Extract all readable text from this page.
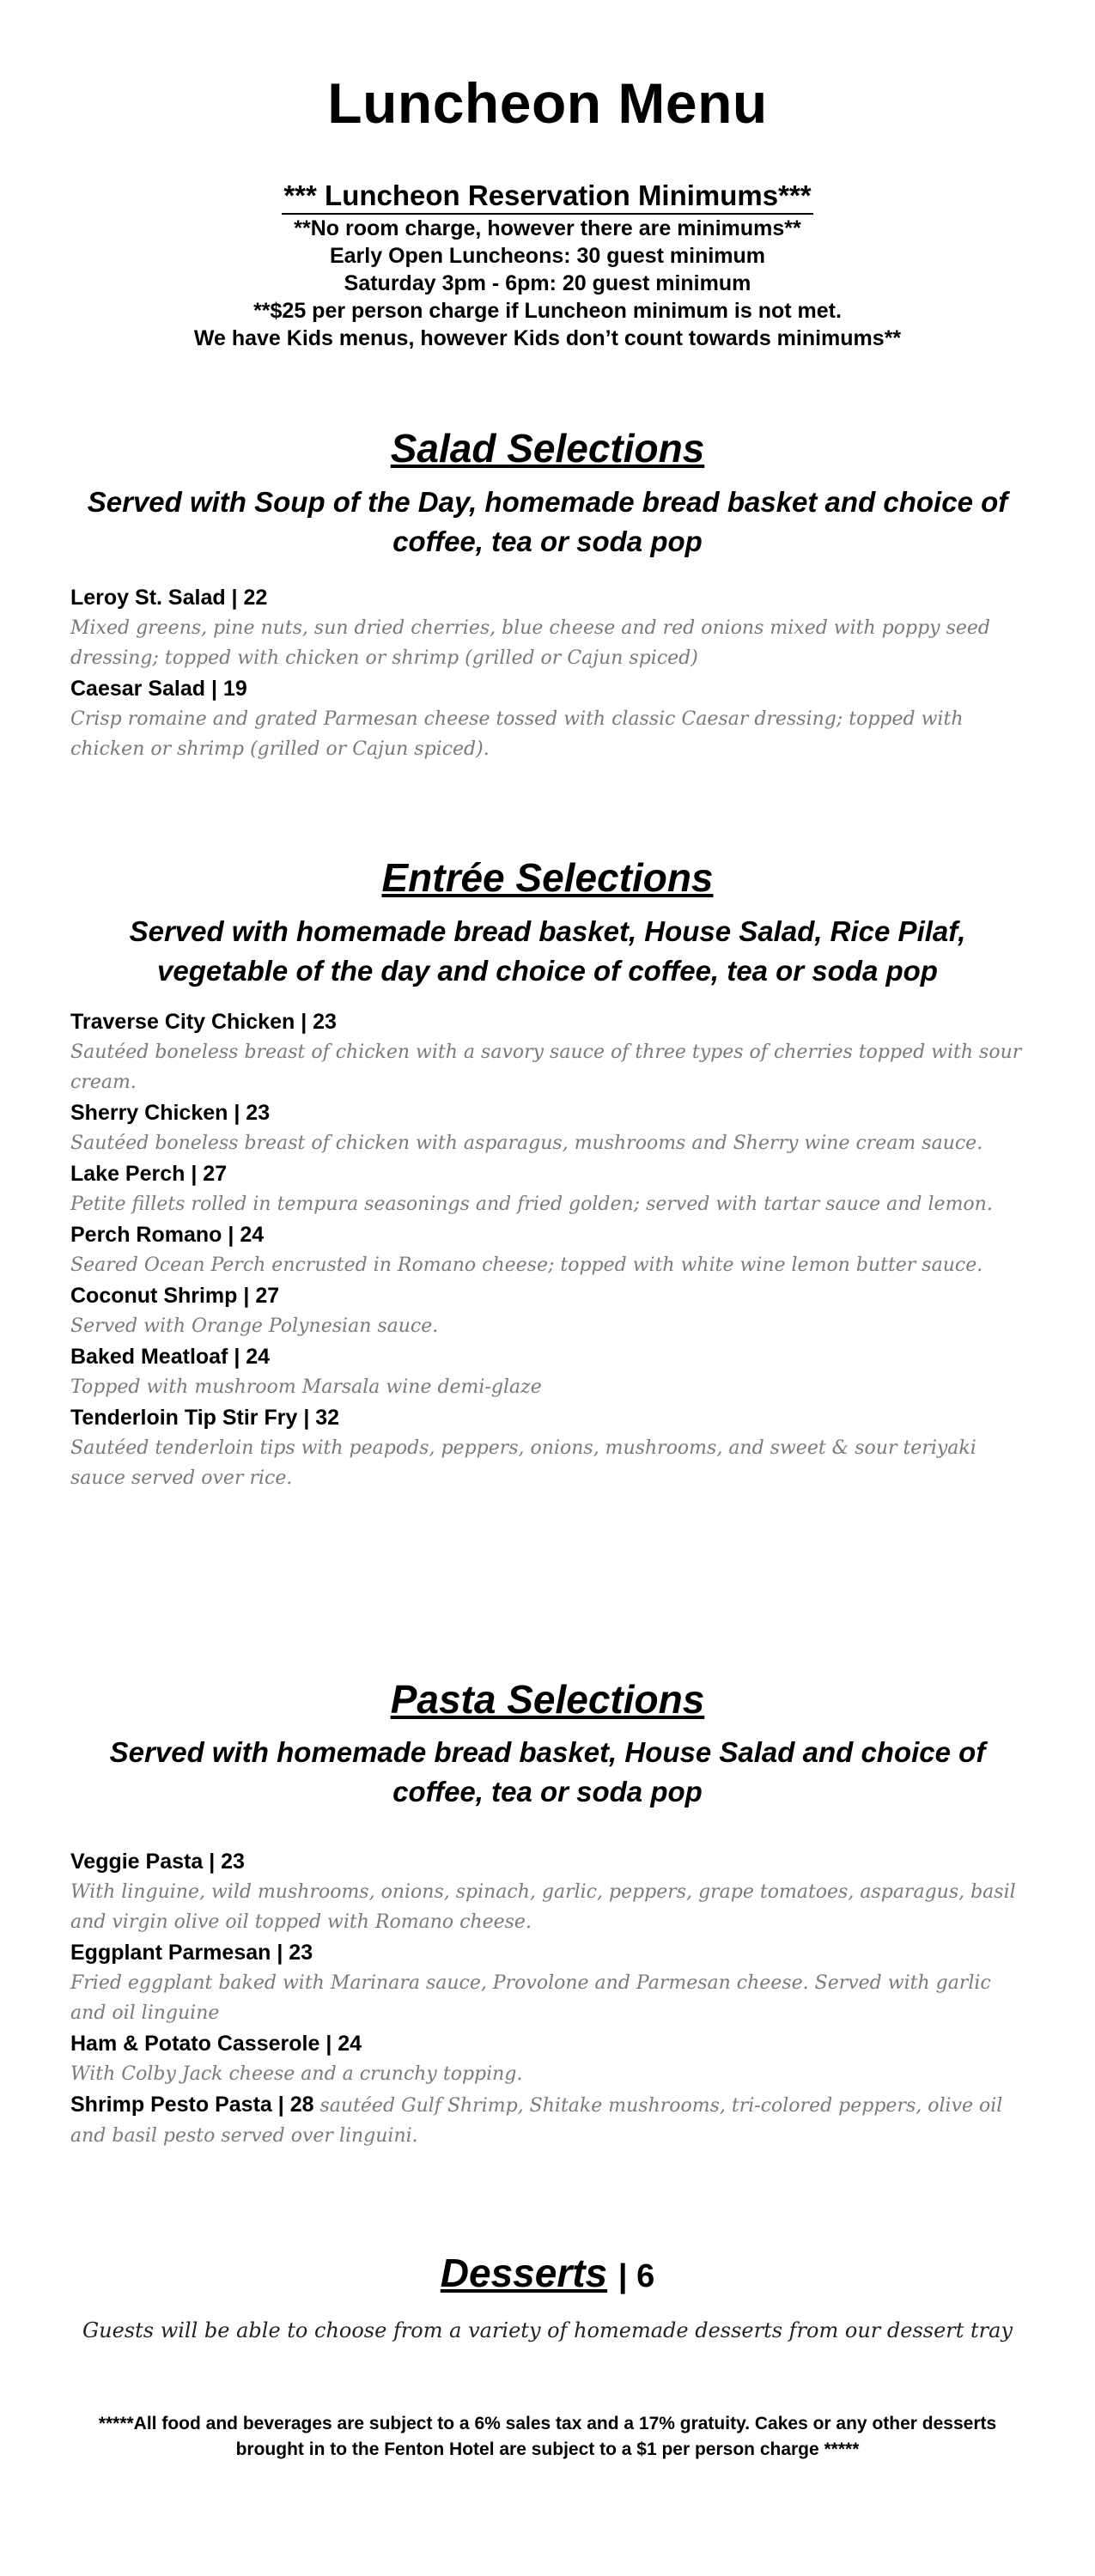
Luncheon Menu
*** Luncheon Reservation Minimums***
**No room charge, however there are minimums**
Early Open Luncheons: 30 guest minimum
Saturday 3pm - 6pm: 20 guest minimum
**$25 per person charge if Luncheon minimum is not met.
We have Kids menus, however Kids don’t count towards minimums**
Salad Selections
Served with Soup of the Day, homemade bread basket and choice of coffee, tea or soda pop
Leroy St. Salad | 22
Mixed greens, pine nuts, sun dried cherries, blue cheese and red onions mixed with poppy seed dressing; topped with chicken or shrimp (grilled or Cajun spiced)
Caesar Salad | 19
Crisp romaine and grated Parmesan cheese tossed with classic Caesar dressing; topped with chicken or shrimp (grilled or Cajun spiced).
Entrée Selections
Served with homemade bread basket, House Salad, Rice Pilaf, vegetable of the day and choice of coffee, tea or soda pop
Traverse City Chicken | 23
Sautéed boneless breast of chicken with a savory sauce of three types of cherries topped with sour cream.
Sherry Chicken | 23
Sautéed boneless breast of chicken with asparagus, mushrooms and Sherry wine cream sauce.
Lake Perch | 27
Petite fillets rolled in tempura seasonings and fried golden; served with tartar sauce and lemon.
Perch Romano | 24
Seared Ocean Perch encrusted in Romano cheese; topped with white wine lemon butter sauce.
Coconut Shrimp | 27
Served with Orange Polynesian sauce.
Baked Meatloaf | 24
Topped with mushroom Marsala wine demi-glaze
Tenderloin Tip Stir Fry | 32
Sautéed tenderloin tips with peapods, peppers, onions, mushrooms, and sweet & sour teriyaki sauce served over rice.
Pasta Selections
Served with homemade bread basket, House Salad and choice of coffee, tea or soda pop
Veggie Pasta | 23
With linguine, wild mushrooms, onions, spinach, garlic, peppers, grape tomatoes, asparagus, basil and virgin olive oil topped with Romano cheese.
Eggplant Parmesan | 23
Fried eggplant baked with Marinara sauce, Provolone and Parmesan cheese. Served with garlic and oil linguine
Ham & Potato Casserole | 24
With Colby Jack cheese and a crunchy topping.
Shrimp Pesto Pasta | 28 sautéed Gulf Shrimp, Shitake mushrooms, tri-colored peppers, olive oil and basil pesto served over linguini.
Desserts | 6
Guests will be able to choose from a variety of homemade desserts from our dessert tray
*****All food and beverages are subject to a 6% sales tax and a 17% gratuity. Cakes or any other desserts brought in to the Fenton Hotel are subject to a $1 per person charge *****
